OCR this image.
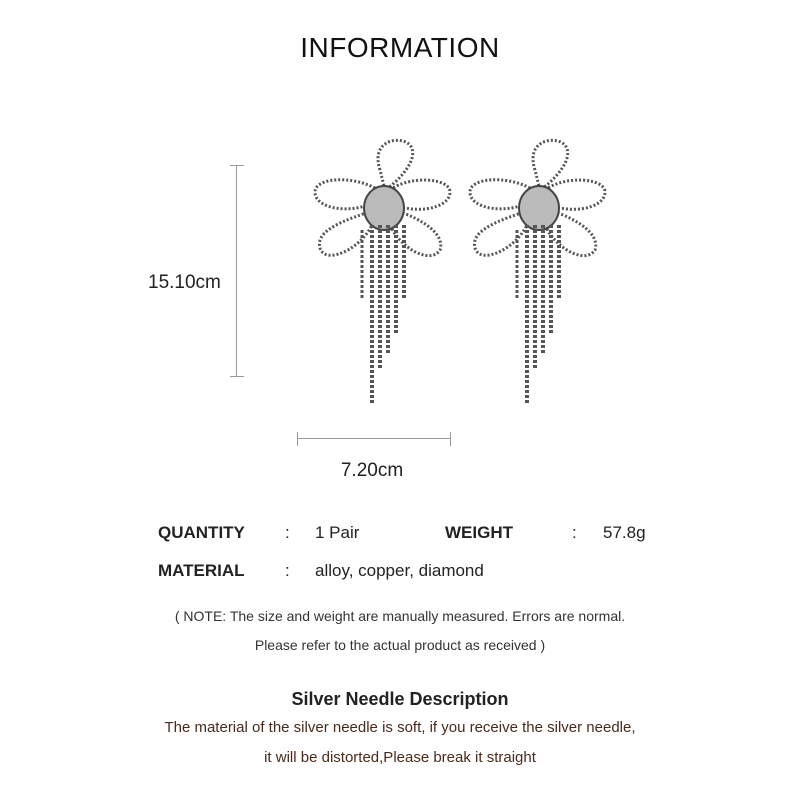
INFORMATION
15.10cm
7.20cm
QUANTITY : 1 Pair	WEIGHT	: 57.8g
MATERIAL : alloy, copper, diamond
( NOTE: The size and weight are manually measured. Errors are normal.
Please refer to the actual product as received )
Silver Needle Description
The material of the silver needle is soft, if you receive the silver needle,
it will be distorted,Please break it straight
